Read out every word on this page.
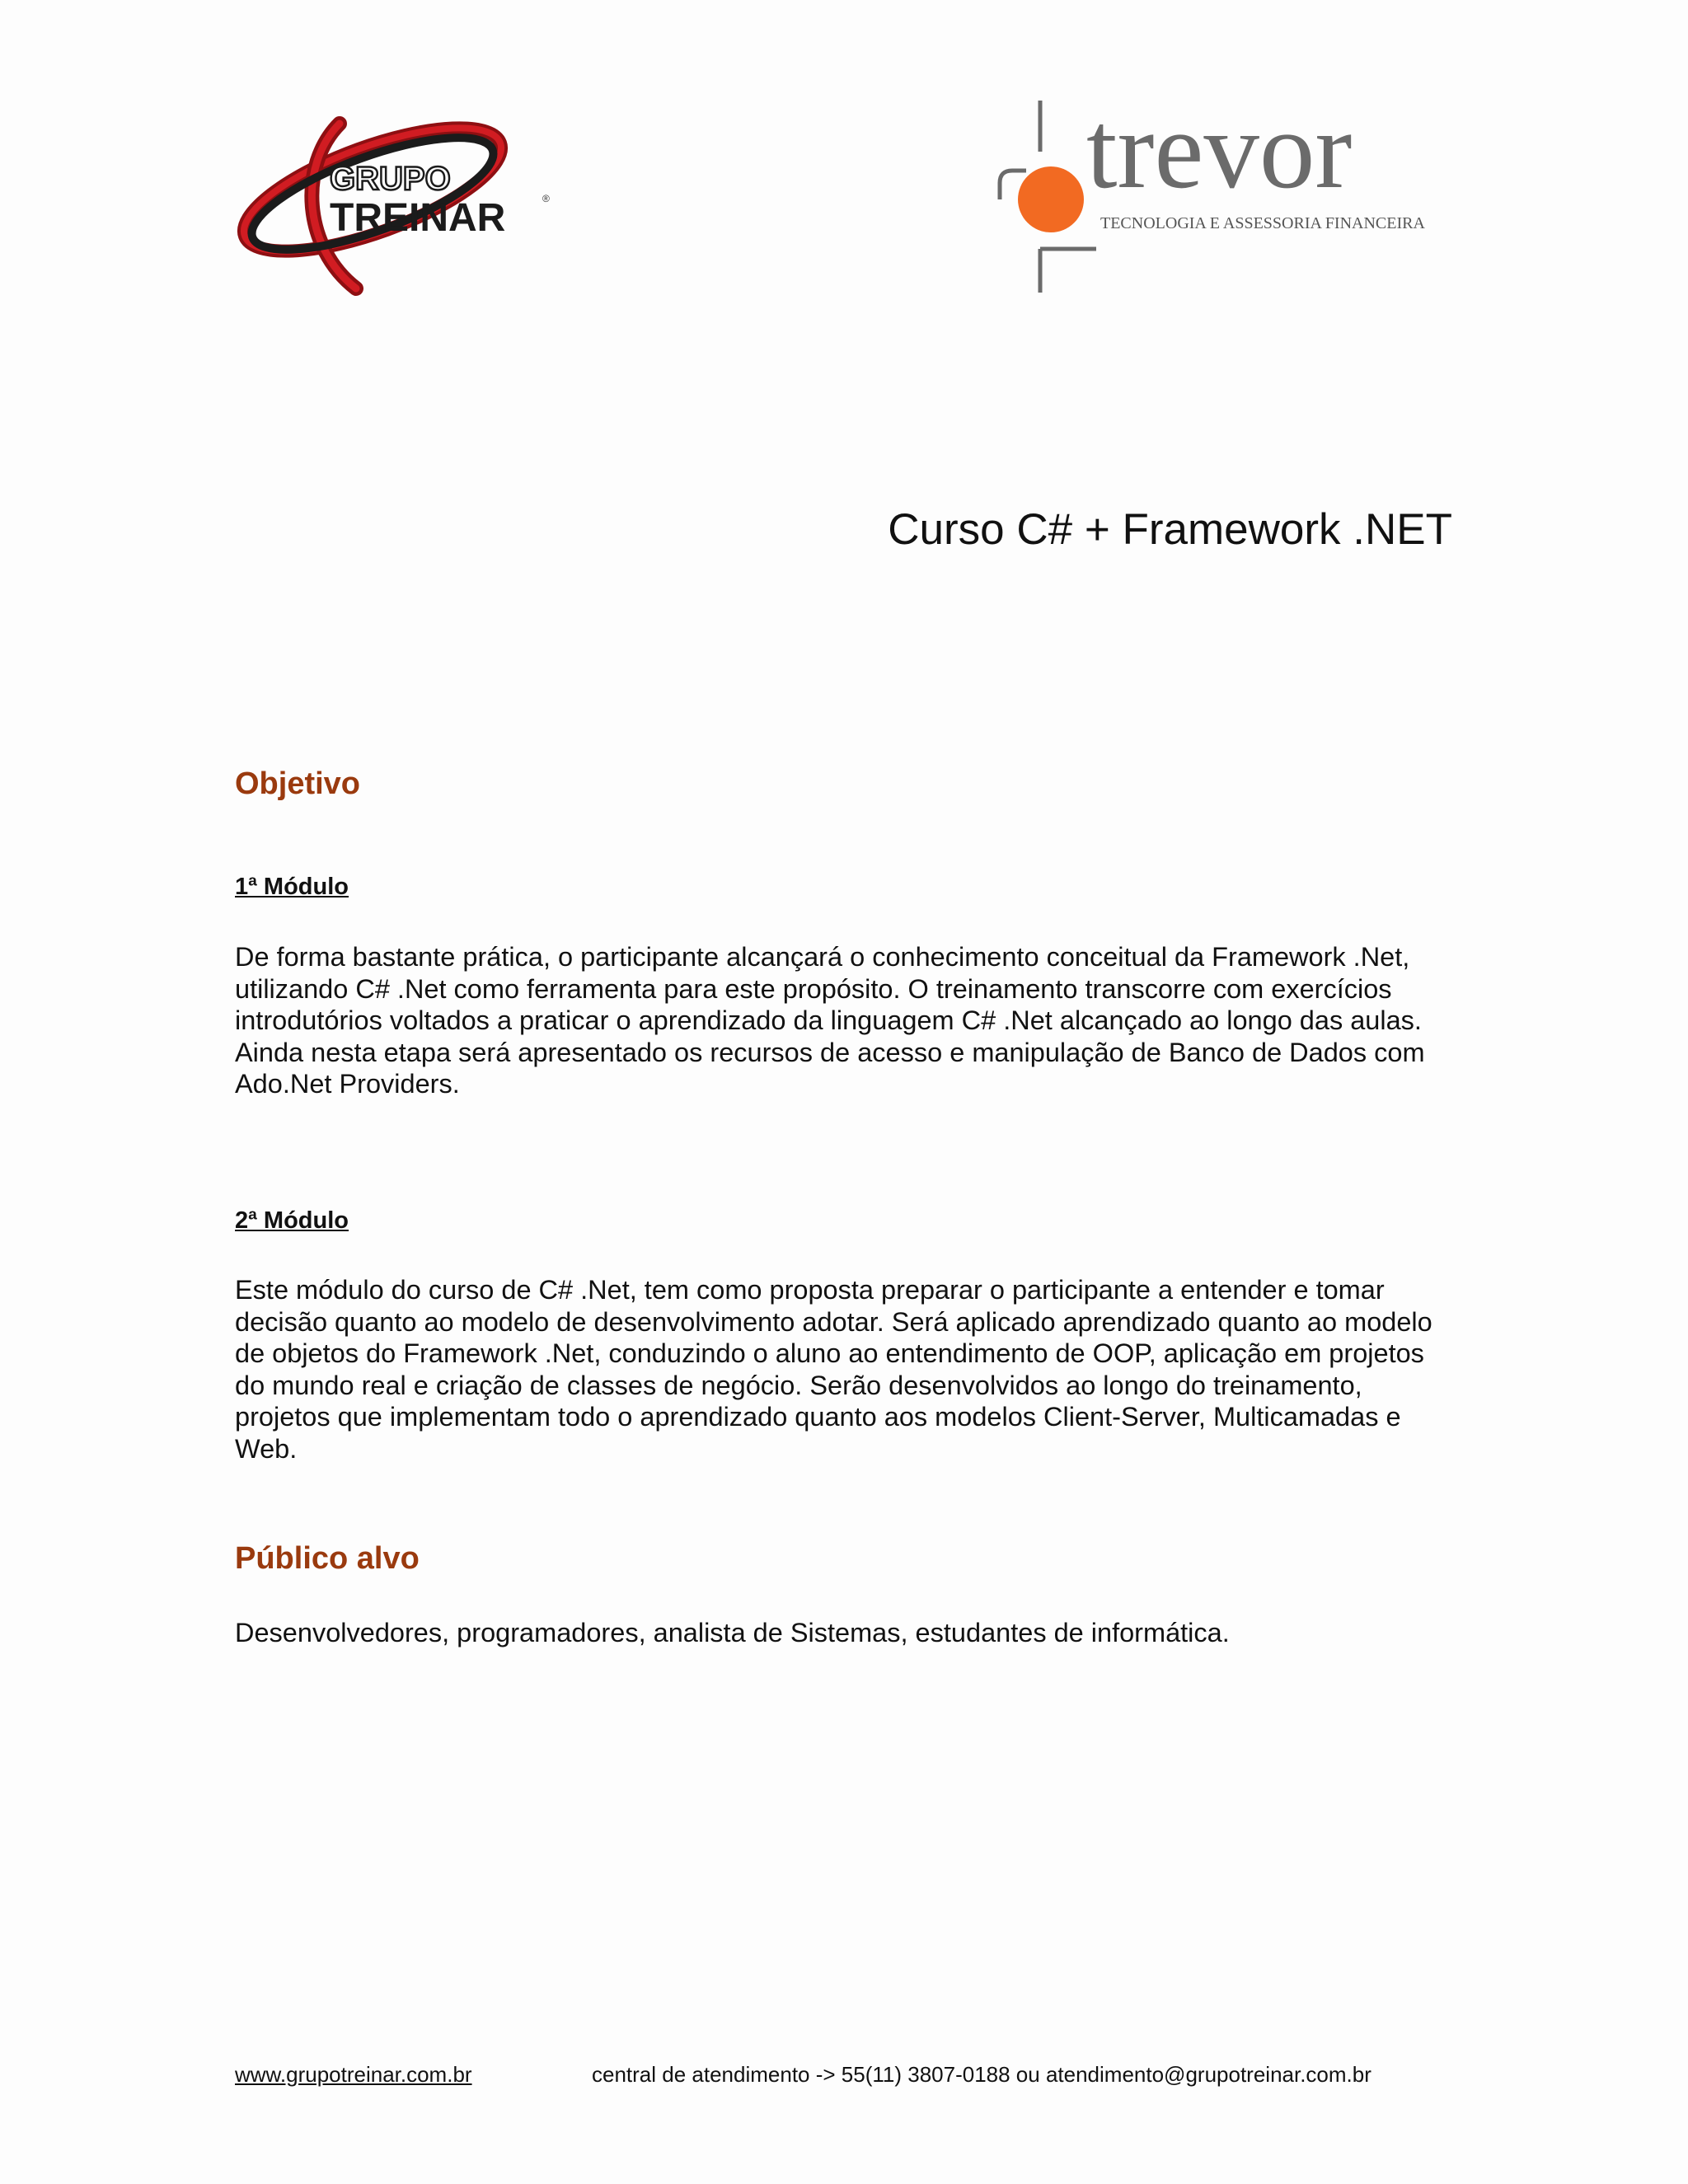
GRUPO
TREINAR	®	trevor
TECNOLOGIA E ASSESSORIA FINANCEIRA
Curso C# + Framework .NET
Objetivo
1ª Módulo

De forma bastante prática, o participante alcançará o conhecimento conceitual da Framework .Net, utilizando C# .Net como ferramenta para este propósito. O treinamento transcorre com exercícios introdutórios voltados a praticar o aprendizado da linguagem C# .Net alcançado ao longo das aulas. Ainda nesta etapa será apresentado os recursos de acesso e manipulação de Banco de Dados com Ado.Net Providers.

2ª Módulo

Este módulo do curso de C# .Net, tem como proposta preparar o participante a entender e tomar decisão quanto ao modelo de desenvolvimento adotar. Será aplicado aprendizado quanto ao modelo de objetos do Framework .Net, conduzindo o aluno ao entendimento de OOP, aplicação em projetos do mundo real e criação de classes de negócio. Serão desenvolvidos ao longo do treinamento, projetos que implementam todo o aprendizado quanto aos modelos Client-Server, Multicamadas e Web.

Público alvo

Desenvolvedores, programadores, analista de Sistemas, estudantes de informática.

www.grupotreinar.com.br	central de atendimento -> 55(11) 3807-0188 ou atendimento@grupotreinar.com.br
